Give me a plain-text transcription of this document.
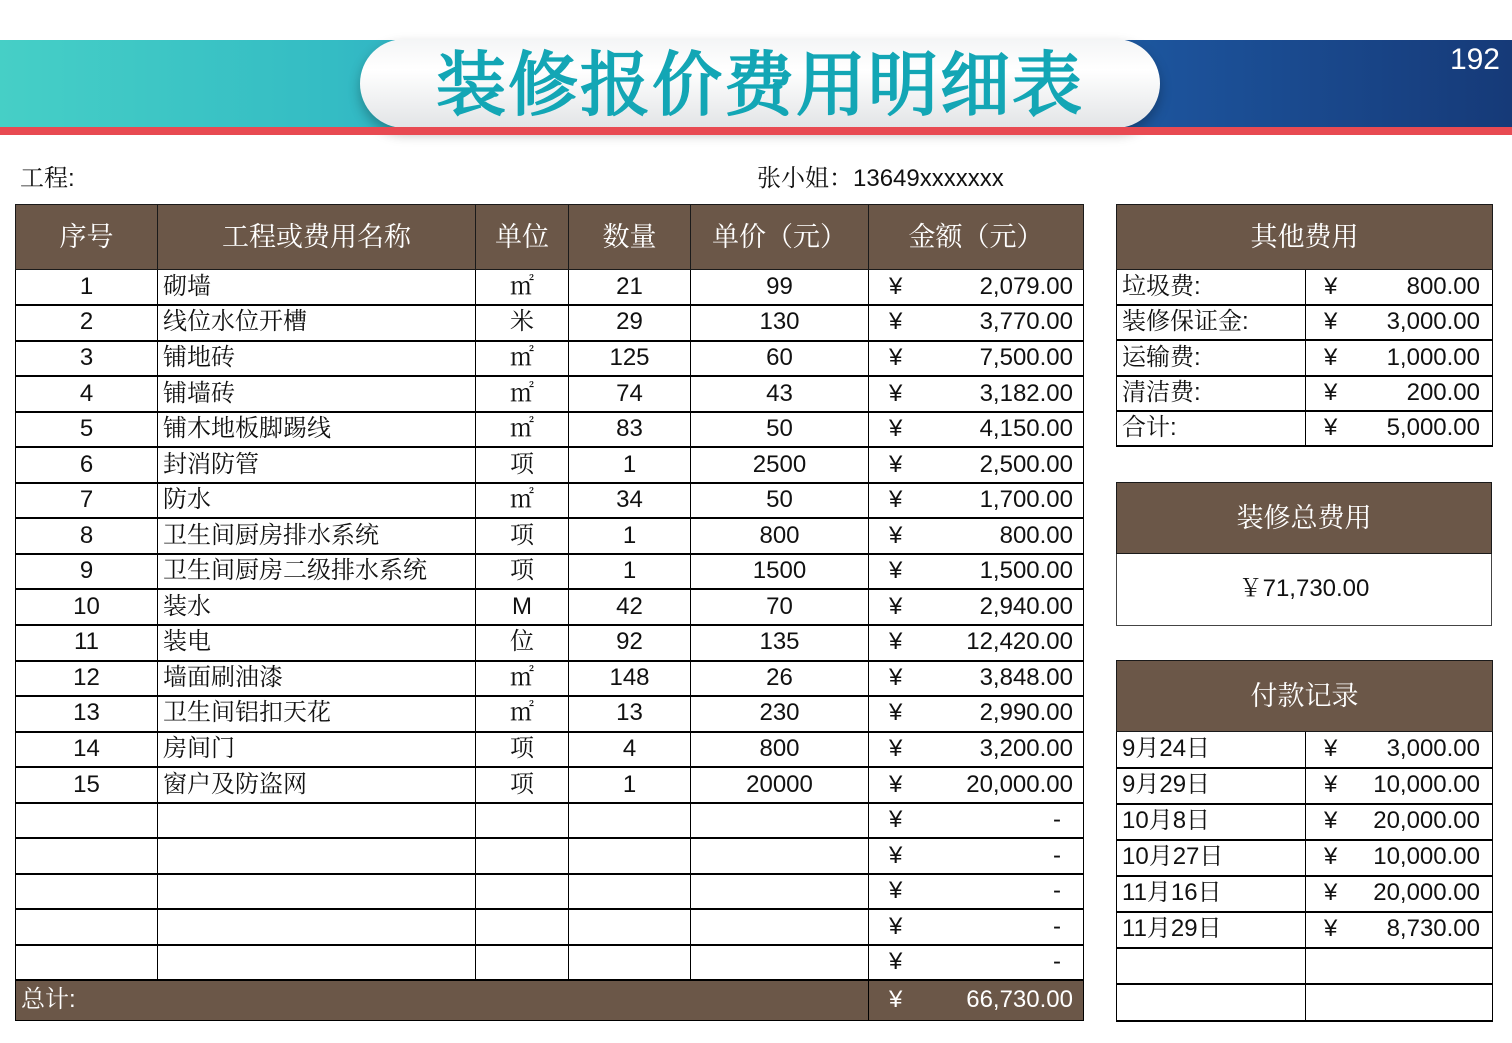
装修报价费用明细表	192
工程:	张小姐：13649xxxxxxx
序号	工程或费用名称	单位	数量	单价（元）	金额（元）
1	砌墙	㎡	21	99	¥ 2,079.00

2	线位水位开槽	米	29	130	¥ 3,770.00

3	铺地砖	㎡	125	60	¥ 7,500.00

4	铺墙砖	㎡	74	43	¥ 3,182.00

5	铺木地板脚踢线	㎡	83	50	¥ 4,150.00

6	封消防管	项	1	2500	¥ 2,500.00

7	防水	㎡	34	50	¥ 1,700.00

8	卫生间厨房排水系统	项	1	800	¥ 800.00

9	卫生间厨房二级排水系统	项	1	1500	¥ 1,500.00

10	装水	M	42	70	¥ 2,940.00

11	装电	位	92	135	¥ 12,420.00

12	墙面刷油漆	㎡	148	26	¥ 3,848.00

13	卫生间铝扣天花	㎡	13	230	¥ 2,990.00

14	房间门	项	4	800	¥ 3,200.00

15	窗户及防盗网	项	1	20000	¥ 20,000.00

					¥ -

					¥ -

					¥ -

					¥ -

					¥ -

总计:					¥ 66,730.00
其他费用	
垃圾费:	¥ 800.00

装修保证金:	¥ 3,000.00

运输费:	¥ 1,000.00

清洁费:	¥ 200.00

合计:	¥ 5,000.00
装修总费用
￥71,730.00
付款记录	
9月24日	¥ 3,000.00

9月29日	¥ 10,000.00

10月8日	¥ 20,000.00

10月27日	¥ 10,000.00

11月16日	¥ 20,000.00

11月29日	¥ 8,730.00
